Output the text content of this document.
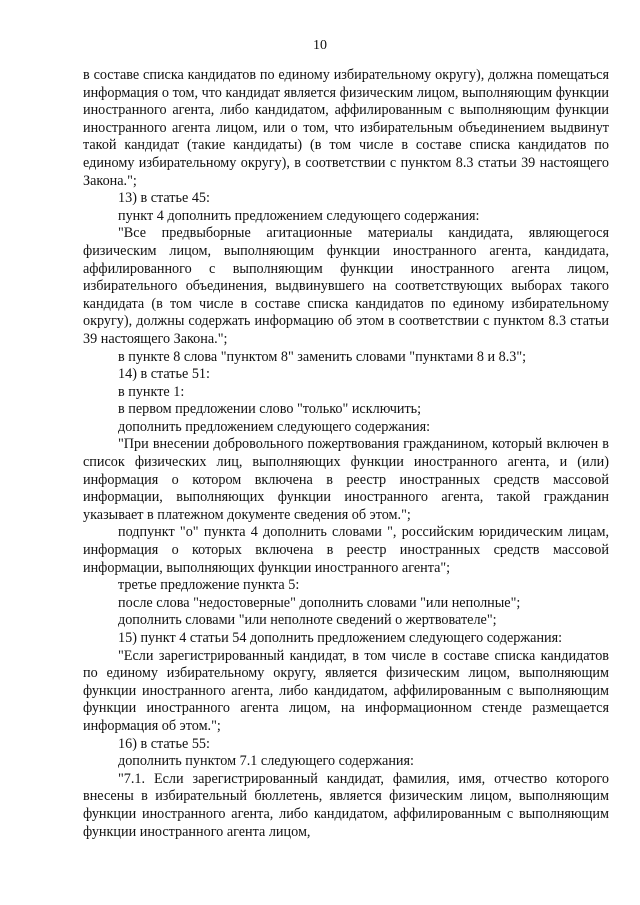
10

в составе списка кандидатов по единому избирательному округу), должна помещаться информация о том, что кандидат является физическим лицом, выполняющим функции иностранного агента, либо кандидатом, аффилированным с выполняющим функции иностранного агента лицом, или о том, что избирательным объединением выдвинут такой кандидат (такие кандидаты) (в том числе в составе списка кандидатов по единому избирательному округу), в соответствии с пунктом 8.3 статьи 39 настоящего Закона.";

13) в статье 45:

пункт 4 дополнить предложением следующего содержания:

"Все предвыборные агитационные материалы кандидата, являющегося физическим лицом, выполняющим функции иностранного агента, кандидата, аффилированного с выполняющим функции иностранного агента лицом, избирательного объединения, выдвинувшего на соответствующих выборах такого кандидата (в том числе в составе списка кандидатов по единому избирательному округу), должны содержать информацию об этом в соответствии с пунктом 8.3 статьи 39 настоящего Закона.";

в пункте 8 слова "пунктом 8" заменить словами "пунктами 8 и 8.3";

14) в статье 51:

в пункте 1:

в первом предложении слово "только" исключить;

дополнить предложением следующего содержания:

"При внесении добровольного пожертвования гражданином, который включен в список физических лиц, выполняющих функции иностранного агента, и (или) информация о котором включена в реестр иностранных средств массовой информации, выполняющих функции иностранного агента, такой гражданин указывает в платежном документе сведения об этом.";

подпункт "о" пункта 4 дополнить словами ", российским юридическим лицам, информация о которых включена в реестр иностранных средств массовой информации, выполняющих функции иностранного агента";

третье предложение пункта 5:

после слова "недостоверные" дополнить словами "или неполные";

дополнить словами "или неполноте сведений о жертвователе";

15) пункт 4 статьи 54 дополнить предложением следующего содержания:

"Если зарегистрированный кандидат, в том числе в составе списка кандидатов по единому избирательному округу, является физическим лицом, выполняющим функции иностранного агента, либо кандидатом, аффилированным с выполняющим функции иностранного агента лицом, на информационном стенде размещается информация об этом.";

16) в статье 55:

дополнить пунктом 7.1 следующего содержания:

"7.1. Если зарегистрированный кандидат, фамилия, имя, отчество которого внесены в избирательный бюллетень, является физическим лицом, выполняющим функции иностранного агента, либо кандидатом, аффилированным с выполняющим функции иностранного агента лицом,
